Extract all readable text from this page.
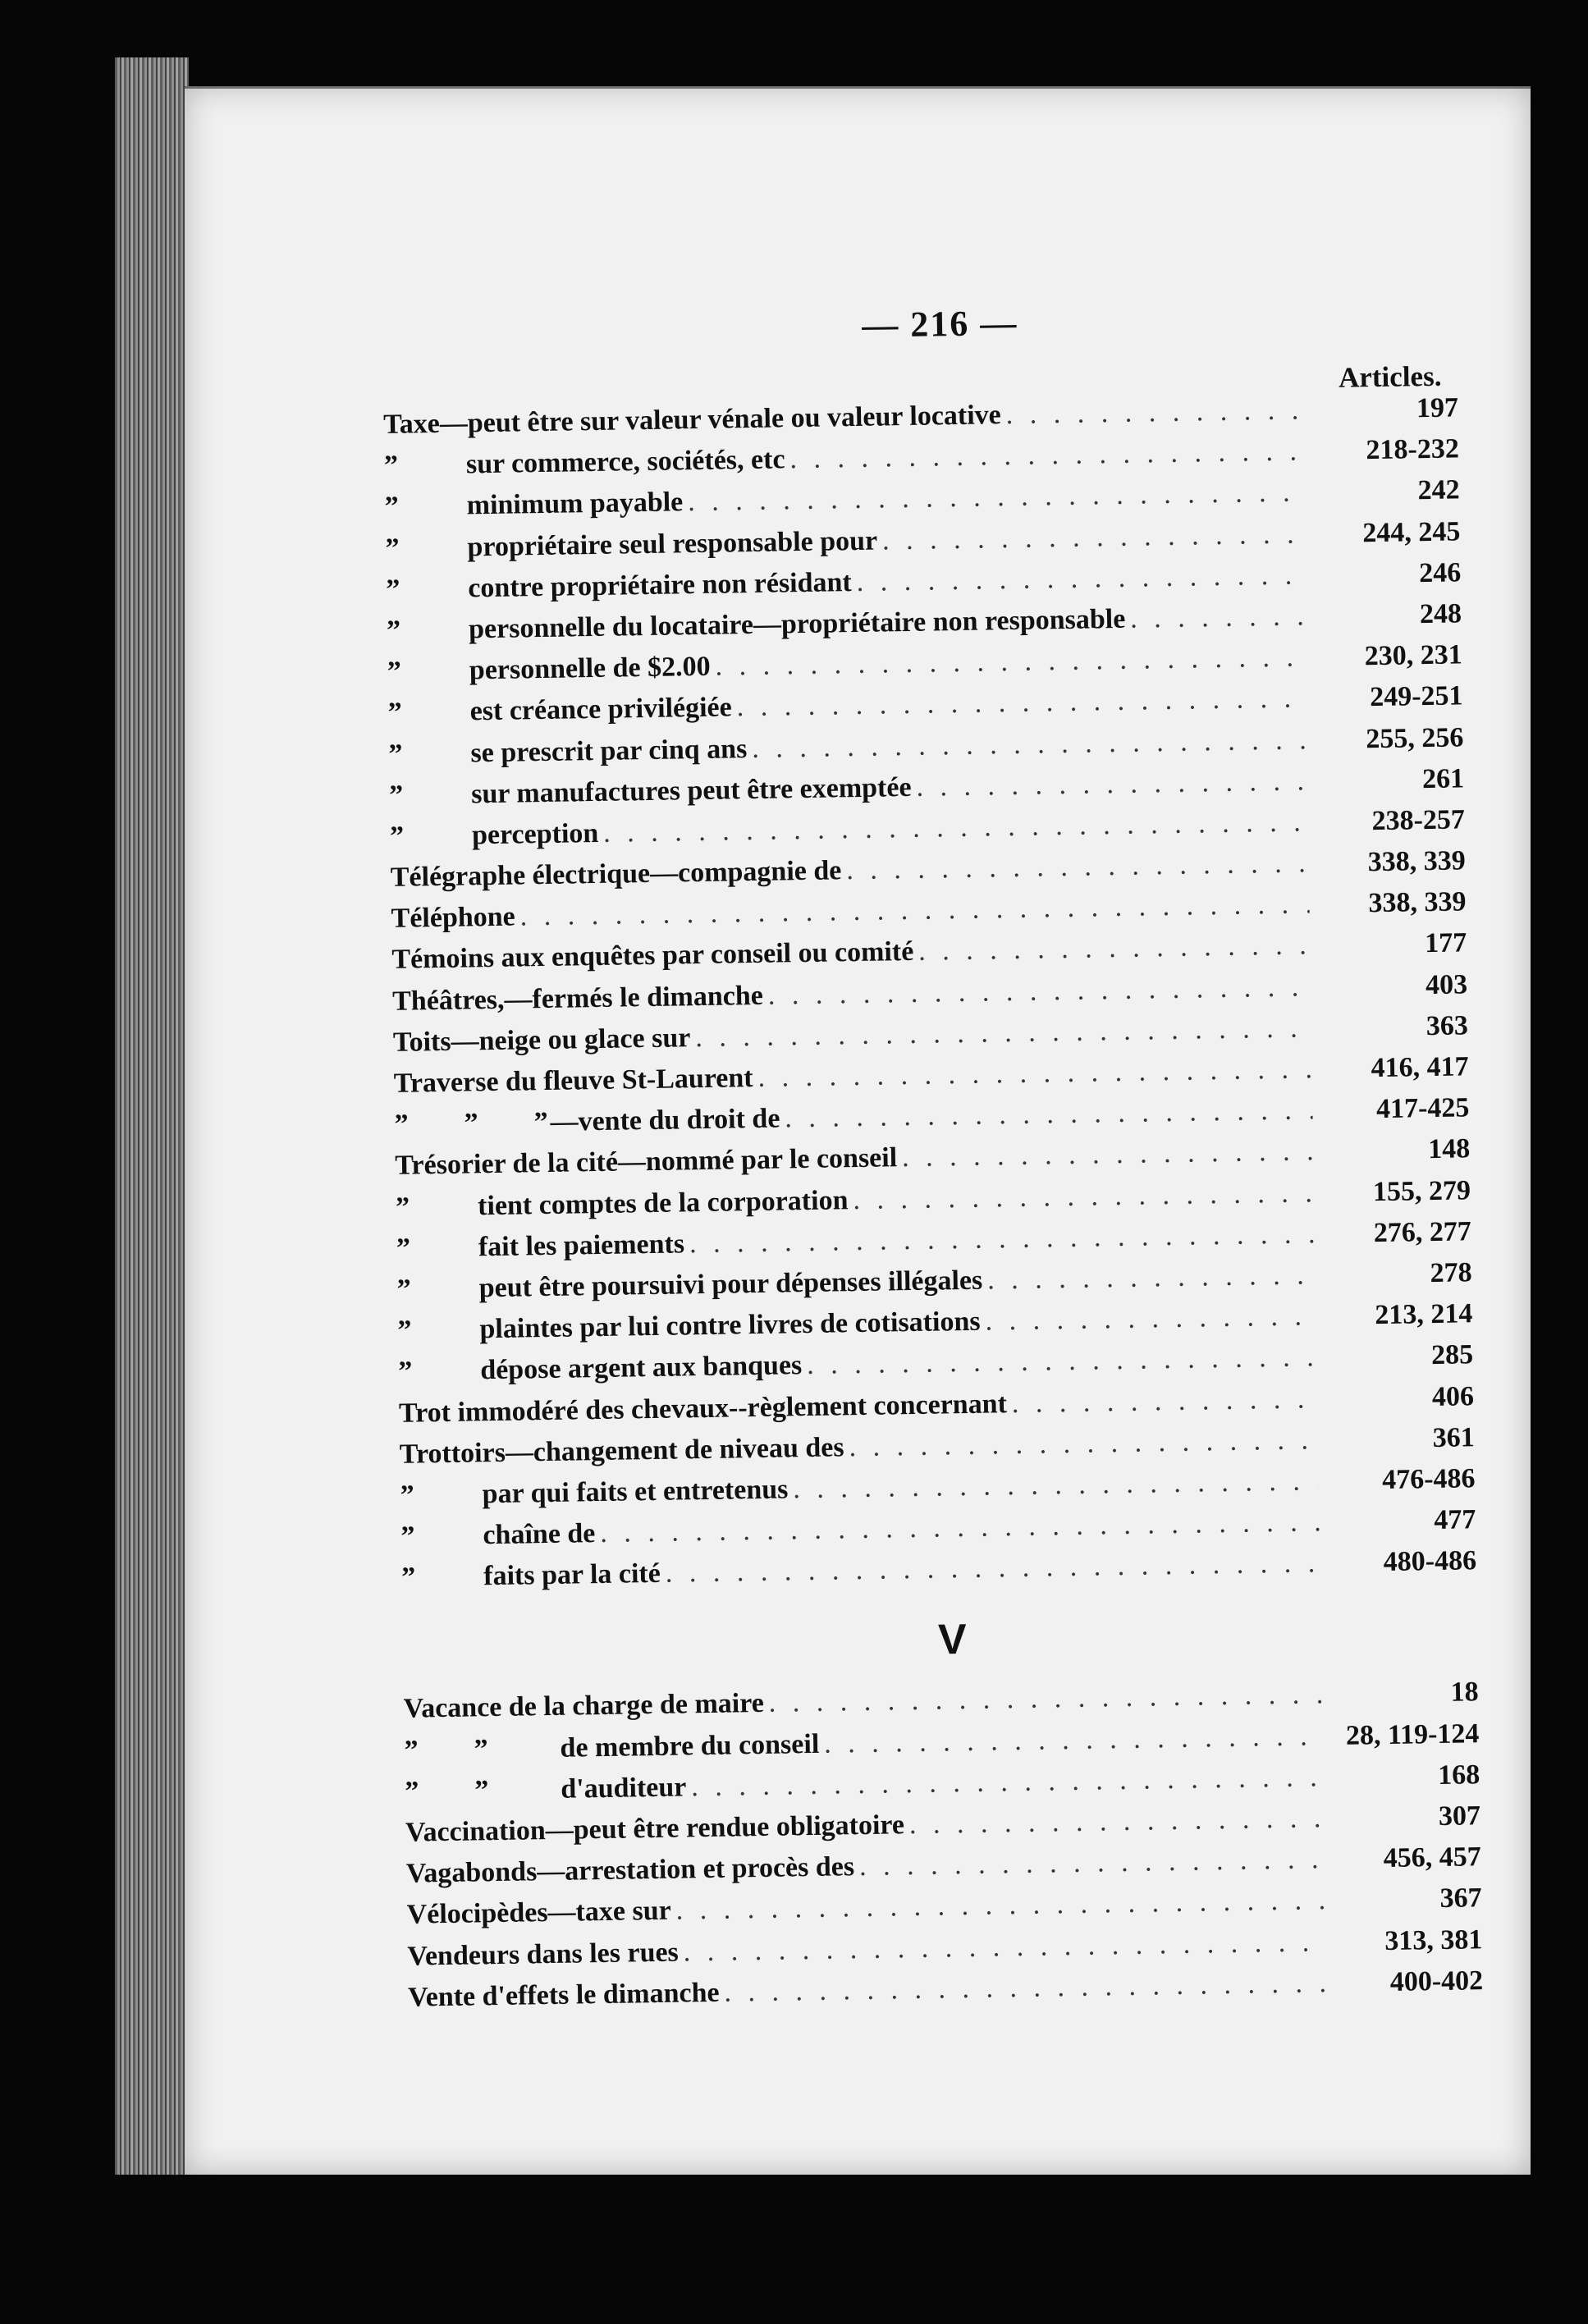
— 216 —
Articles.
Taxe—peut être sur valeur vénale ou valeur locative . . .	197
”	sur commerce, sociétés, etc . . .	218-232
”	minimum payable . . .	242
”	propriétaire seul responsable pour . . .	244, 245
”	contre propriétaire non résidant . . .	246
”	personnelle du locataire—propriétaire non responsable . . .	248
”	personnelle de $2.00 . . .	230, 231
”	est créance privilégiée . . .	249-251
”	se prescrit par cinq ans . . .	255, 256
”	sur manufactures peut être exemptée . . .	261
”	perception . . .	238-257
Télégraphe électrique—compagnie de . . .	338, 339
Téléphone . . .	338, 339
Témoins aux enquêtes par conseil ou comité . . .	177
Théâtres,—fermés le dimanche . . .	403
Toits—neige ou glace sur . . .	363
Traverse du fleuve St-Laurent . . .	416, 417
”        ”        ” —vente du droit de . . .	417-425
Trésorier de la cité—nommé par le conseil . . .	148
”	tient comptes de la corporation . . .	155, 279
”	fait les paiements . . .	276, 277
”	peut être poursuivi pour dépenses illégales . . .	278
”	plaintes par lui contre livres de cotisations . . .	213, 214
”	dépose argent aux banques . . .	285
Trot immodéré des chevaux--règlement concernant . . .	406
Trottoirs—changement de niveau des . . .	361
”	par qui faits et entretenus . . .	476-486
”	chaîne de . . .	477
”	faits par la cité . . .	480-486
V
Vacance de la charge de maire . . .	18
”        ”	de membre du conseil . . .	28, 119-124
”        ”	d'auditeur . . .	168
Vaccination—peut être rendue obligatoire . . .	307
Vagabonds—arrestation et procès des . . .	456, 457
Vélocipèdes—taxe sur . . .	367
Vendeurs dans les rues . . .	313, 381
Vente d'effets le dimanche . . .	400-402
